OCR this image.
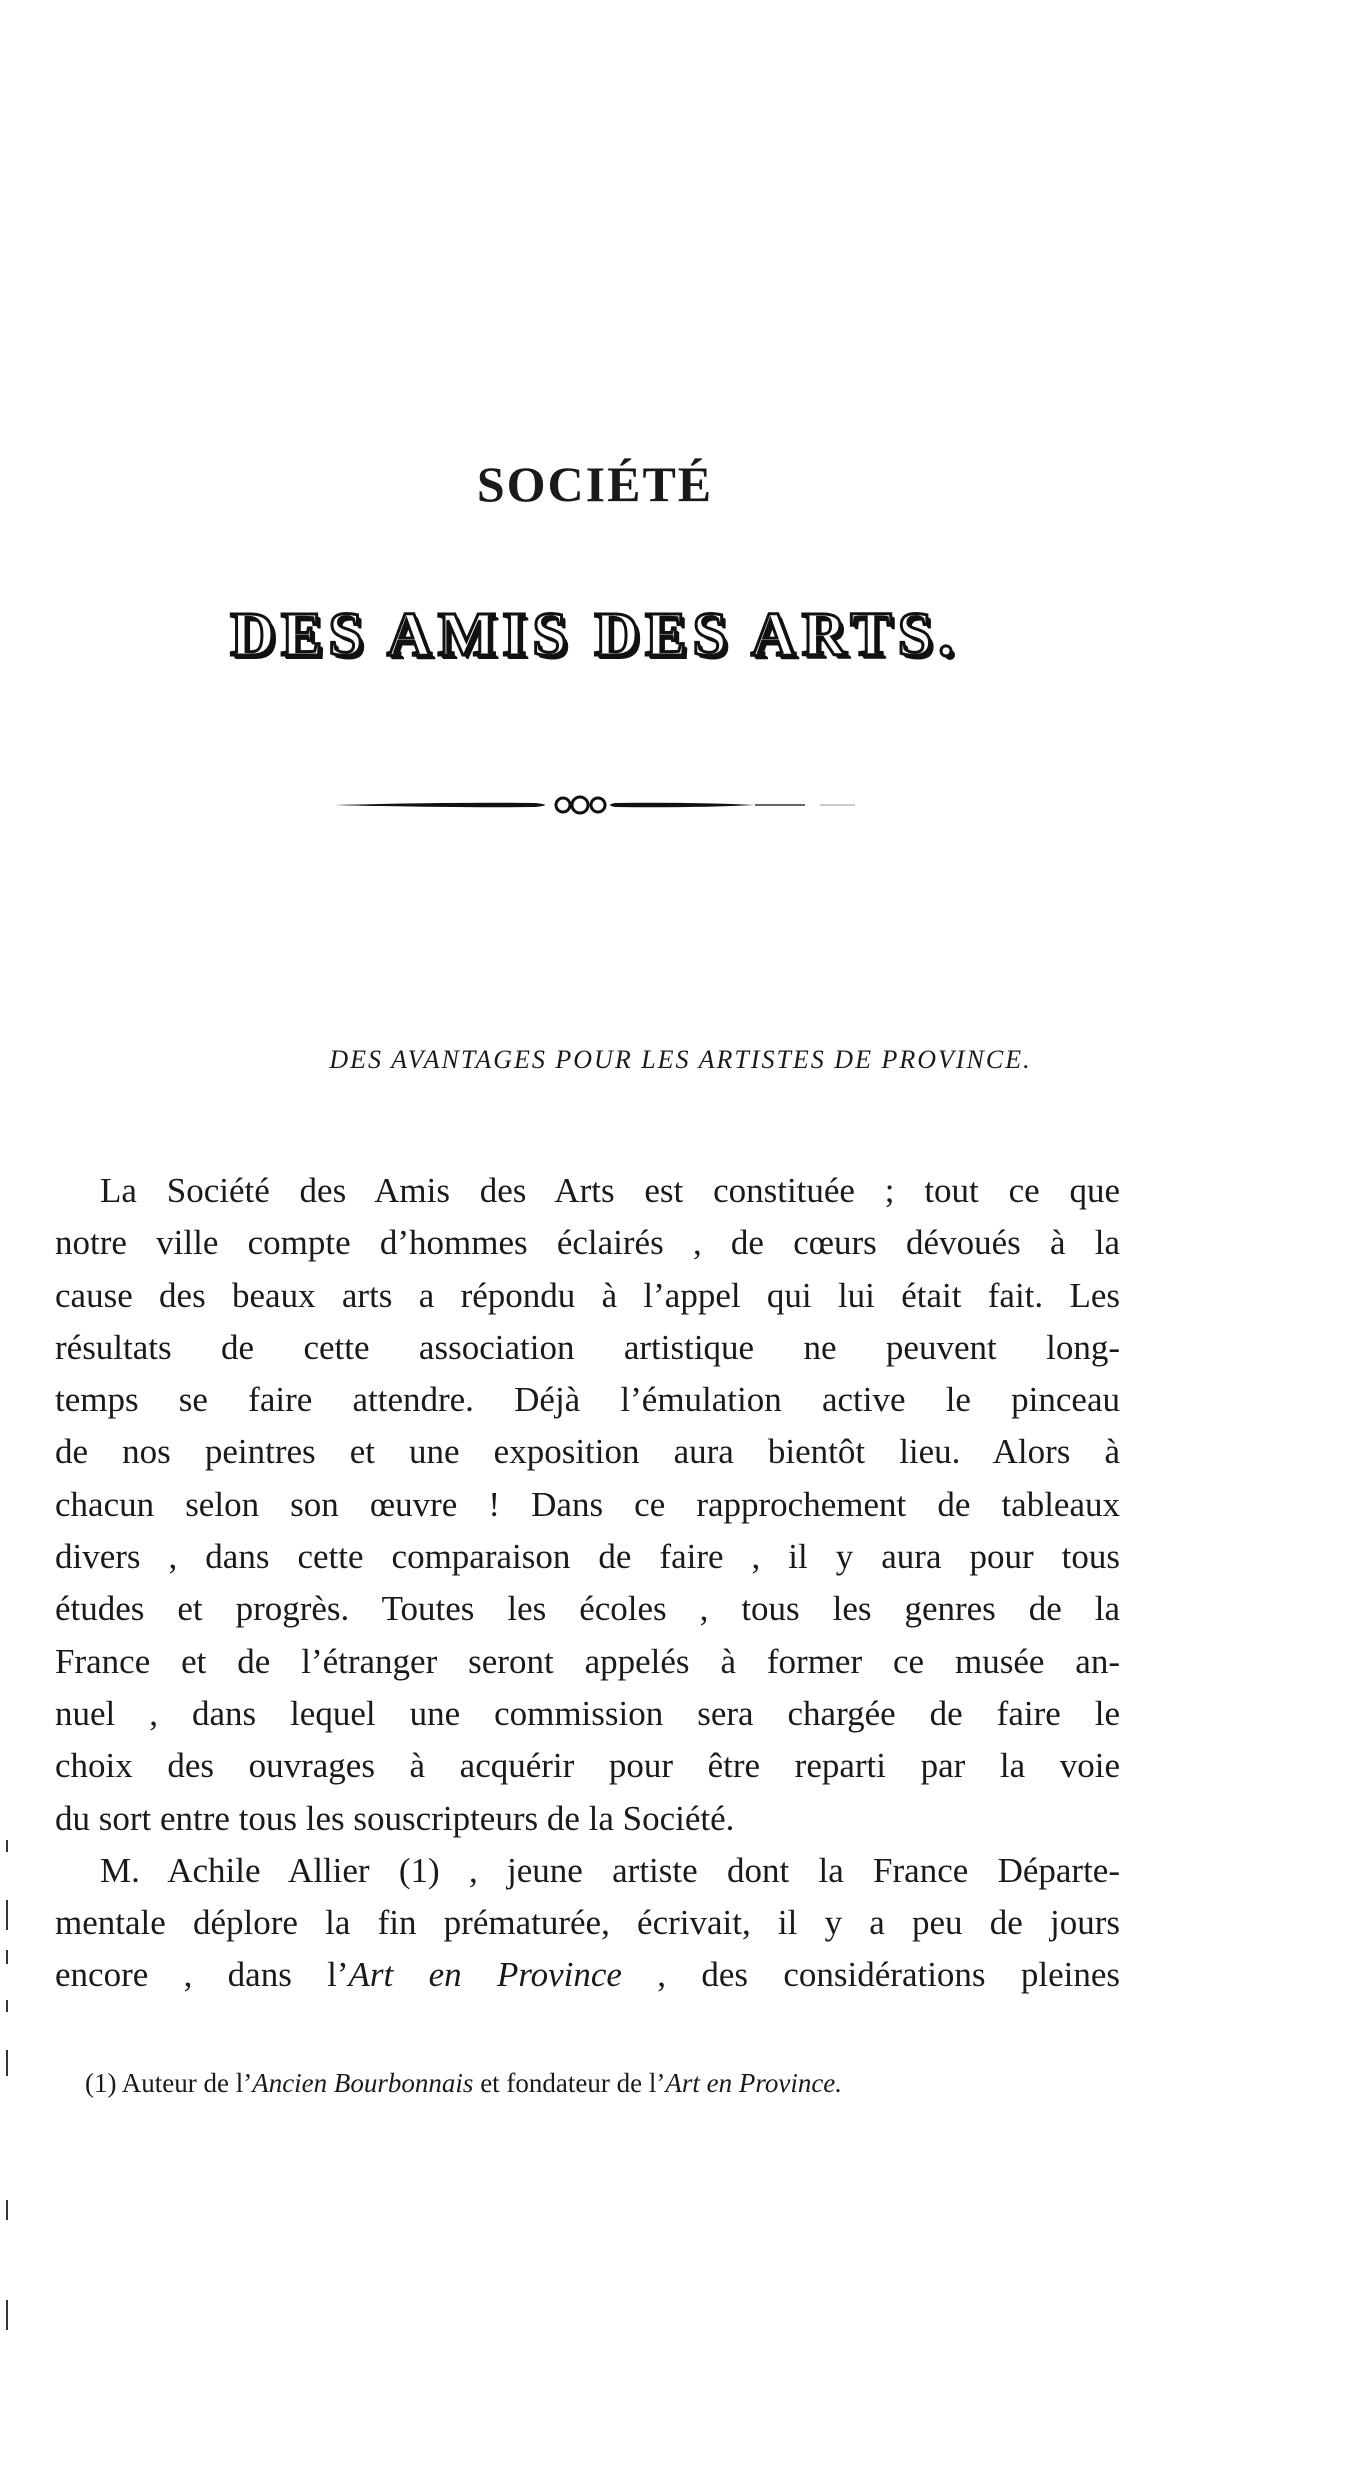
SOCIÉTÉ
DES AMIS DES ARTS.
DES AVANTAGES POUR LES ARTISTES DE PROVINCE.
La Société des Amis des Arts est constituée ; tout ce que
notre ville compte d’hommes éclairés , de cœurs dévoués à la
cause des beaux arts a répondu à l’appel qui lui était fait. Les
résultats de cette association artistique ne peuvent long-
temps se faire attendre. Déjà l’émulation active le pinceau
de nos peintres et une exposition aura bientôt lieu. Alors à
chacun selon son œuvre ! Dans ce rapprochement de tableaux
divers , dans cette comparaison de faire , il y aura pour tous
études et progrès. Toutes les écoles , tous les genres de la
France et de l’étranger seront appelés à former ce musée an-
nuel , dans lequel une commission sera chargée de faire le
choix des ouvrages à acquérir pour être reparti par la voie
du sort entre tous les souscripteurs de la Société.
M. Achile Allier (1) , jeune artiste dont la France Départe-
mentale déplore la fin prématurée, écrivait, il y a peu de jours
encore , dans l’Art en Province , des considérations pleines
(1) Auteur de l’Ancien Bourbonnais et fondateur de l’Art en Province.
